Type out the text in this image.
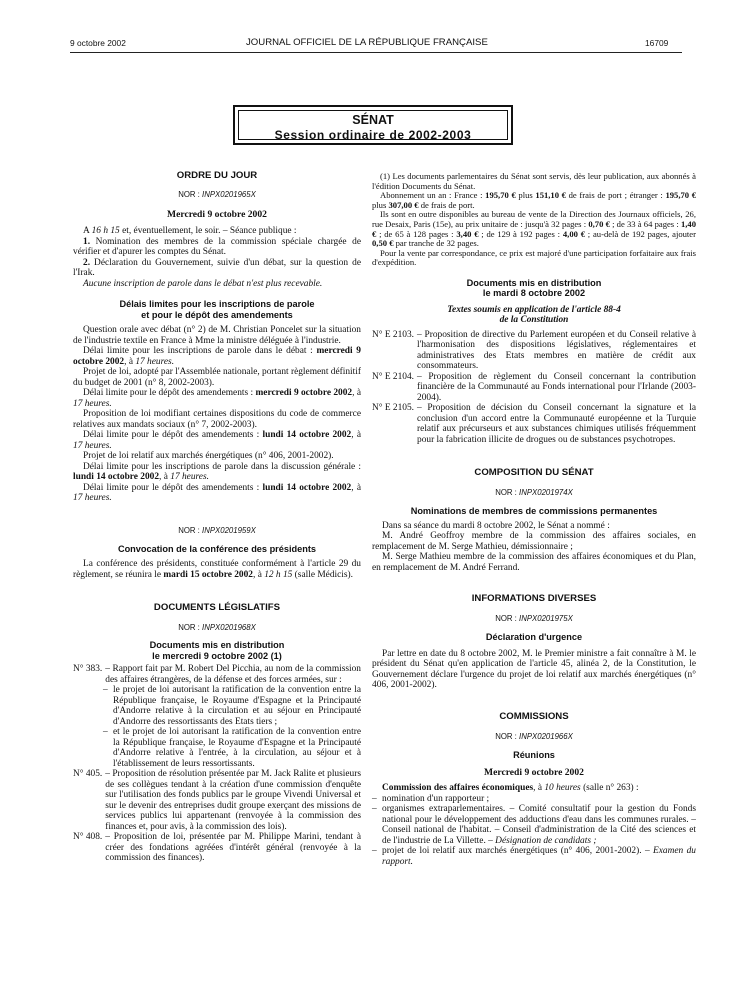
9 octobre 2002	JOURNAL OFFICIEL DE LA RÉPUBLIQUE FRANÇAISE	16709
SÉNAT
Session ordinaire de 2002-2003

ORDRE DU JOUR

NOR : INPX0201965X

Mercredi 9 octobre 2002

A 16 h 15 et, éventuellement, le soir. – Séance publique :

1. Nomination des membres de la commission spéciale chargée de vérifier et d'apurer les comptes du Sénat.

2. Déclaration du Gouvernement, suivie d'un débat, sur la question de l'Irak.

Aucune inscription de parole dans le débat n'est plus recevable.

Délais limites pour les inscriptions de parole

et pour le dépôt des amendements

Question orale avec débat (n° 2) de M. Christian Poncelet sur la situation de l'industrie textile en France à Mme la ministre déléguée à l'industrie.

Délai limite pour les inscriptions de parole dans le débat : mercredi 9 octobre 2002, à 17 heures.

Projet de loi, adopté par l'Assemblée nationale, portant règlement définitif du budget de 2001 (n° 8, 2002-2003).

Délai limite pour le dépôt des amendements : mercredi 9 octobre 2002, à 17 heures.

Proposition de loi modifiant certaines dispositions du code de commerce relatives aux mandats sociaux (n° 7, 2002-2003).

Délai limite pour le dépôt des amendements : lundi 14 octobre 2002, à 17 heures.

Projet de loi relatif aux marchés énergétiques (n° 406, 2001-2002).

Délai limite pour les inscriptions de parole dans la discussion générale : lundi 14 octobre 2002, à 17 heures.

Délai limite pour le dépôt des amendements : lundi 14 octobre 2002, à 17 heures.

NOR : INPX0201959X

Convocation de la conférence des présidents

La conférence des présidents, constituée conformément à l'article 29 du règlement, se réunira le mardi 15 octobre 2002, à 12 h 15 (salle Médicis).

DOCUMENTS LÉGISLATIFS

NOR : INPX0201968X

Documents mis en distribution

le mercredi 9 octobre 2002 (1)

N° 383. – Rapport fait par M. Robert Del Picchia, au nom de la commission des affaires étrangères, de la défense et des forces armées, sur :
– le projet de loi autorisant la ratification de la convention entre la République française, le Royaume d'Espagne et la Principauté d'Andorre relative à la circulation et au séjour en Principauté d'Andorre des ressortissants des Etats tiers ;
– et le projet de loi autorisant la ratification de la convention entre la République française, le Royaume d'Espagne et la Principauté d'Andorre relative à l'entrée, à la circulation, au séjour et à l'établissement de leurs ressortissants.
N° 405. – Proposition de résolution présentée par M. Jack Ralite et plusieurs de ses collègues tendant à la création d'une commission d'enquête sur l'utilisation des fonds publics par le groupe Vivendi Universal et sur le devenir des entreprises dudit groupe exerçant des missions de services publics lui appartenant (renvoyée à la commission des finances et, pour avis, à la commission des lois).
N° 408. – Proposition de loi, présentée par M. Philippe Marini, tendant à créer des fondations agréées d'intérêt général (renvoyée à la commission des finances).

(1) Les documents parlementaires du Sénat sont servis, dès leur publication, aux abonnés à l'édition Documents du Sénat.

Abonnement un an : France : 195,70 € plus 151,10 € de frais de port ; étranger : 195,70 € plus 307,00 € de frais de port.

Ils sont en outre disponibles au bureau de vente de la Direction des Journaux officiels, 26, rue Desaix, Paris (15e), au prix unitaire de : jusqu'à 32 pages : 0,70 € ; de 33 à 64 pages : 1,40 € ; de 65 à 128 pages : 3,40 € ; de 129 à 192 pages : 4,00 € ; au-delà de 192 pages, ajouter 0,50 € par tranche de 32 pages.

Pour la vente par correspondance, ce prix est majoré d'une participation forfaitaire aux frais d'expédition.

Documents mis en distribution

le mardi 8 octobre 2002

Textes soumis en application de l'article 88-4

de la Constitution

N° E 2103. – Proposition de directive du Parlement européen et du Conseil relative à l'harmonisation des dispositions législatives, réglementaires et administratives des Etats membres en matière de crédit aux consommateurs.
N° E 2104. – Proposition de règlement du Conseil concernant la contribution financière de la Communauté au Fonds international pour l'Irlande (2003-2004).
N° E 2105. – Proposition de décision du Conseil concernant la signature et la conclusion d'un accord entre la Communauté européenne et la Turquie relatif aux précurseurs et aux substances chimiques utilisés fréquemment pour la fabrication illicite de drogues ou de substances psychotropes.

COMPOSITION DU SÉNAT

NOR : INPX0201974X

Nominations de membres de commissions permanentes

Dans sa séance du mardi 8 octobre 2002, le Sénat a nommé :

M. André Geoffroy membre de la commission des affaires sociales, en remplacement de M. Serge Mathieu, démissionnaire ;

M. Serge Mathieu membre de la commission des affaires économiques et du Plan, en remplacement de M. André Ferrand.

INFORMATIONS DIVERSES

NOR : INPX0201975X

Déclaration d'urgence

Par lettre en date du 8 octobre 2002, M. le Premier ministre a fait connaître à M. le président du Sénat qu'en application de l'article 45, alinéa 2, de la Constitution, le Gouvernement déclare l'urgence du projet de loi relatif aux marchés énergétiques (n° 406, 2001-2002).

COMMISSIONS

NOR : INPX0201966X

Réunions

Mercredi 9 octobre 2002

Commission des affaires économiques, à 10 heures (salle n° 263) :

– nomination d'un rapporteur ;
– organismes extraparlementaires. – Comité consultatif pour la gestion du Fonds national pour le développement des adductions d'eau dans les communes rurales. – Conseil national de l'habitat. – Conseil d'administration de la Cité des sciences et de l'industrie de La Villette. – Désignation de candidats ;
– projet de loi relatif aux marchés énergétiques (n° 406, 2001-2002). – Examen du rapport.
